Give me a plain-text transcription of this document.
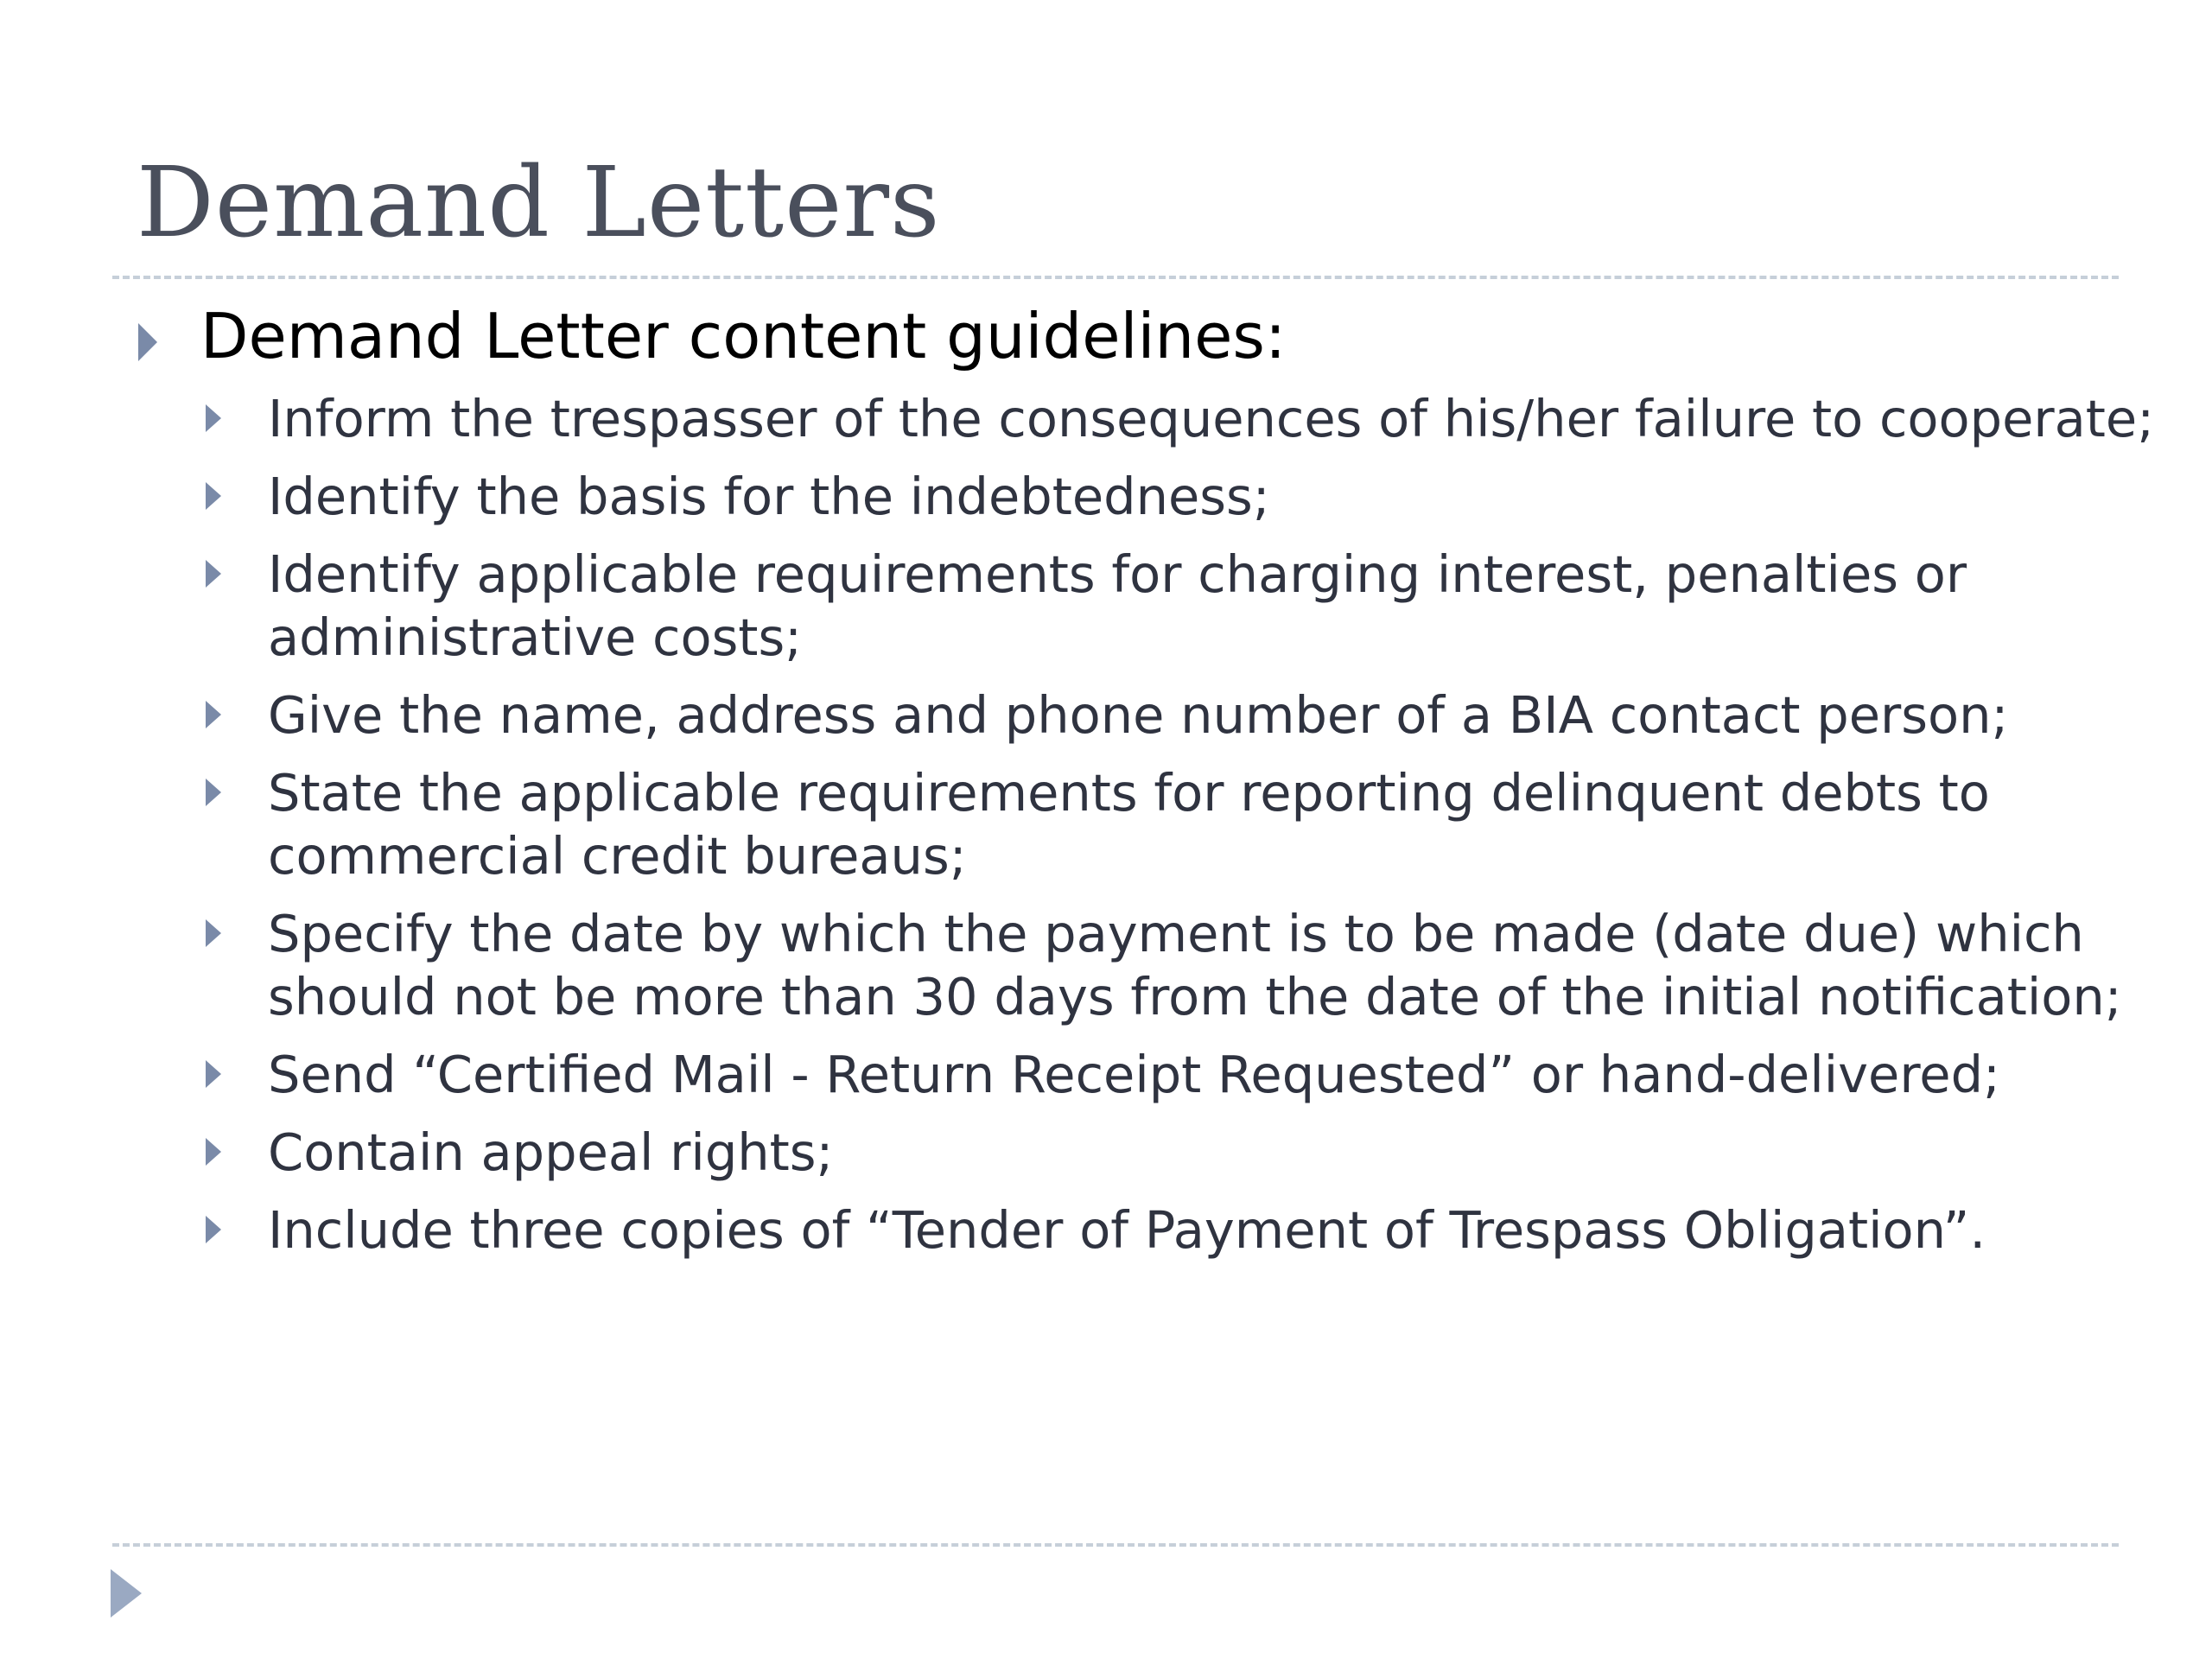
Demand Letters
Demand Letter content guidelines:
Inform the trespasser of the consequences of his/her failure to cooperate;
Identify the basis for the indebtedness;
Identify applicable requirements for charging interest, penalties or administrative costs;
Give the name, address and phone number of a BIA contact person;
State the applicable requirements for reporting delinquent debts to commercial credit bureaus;
Specify the date by which the payment is to be made (date due) which should not be more than 30 days from the date of the initial notification;
Send “Certified Mail - Return Receipt Requested” or hand-delivered;
Contain appeal rights;
Include three copies of “Tender of Payment of Trespass Obligation”.
